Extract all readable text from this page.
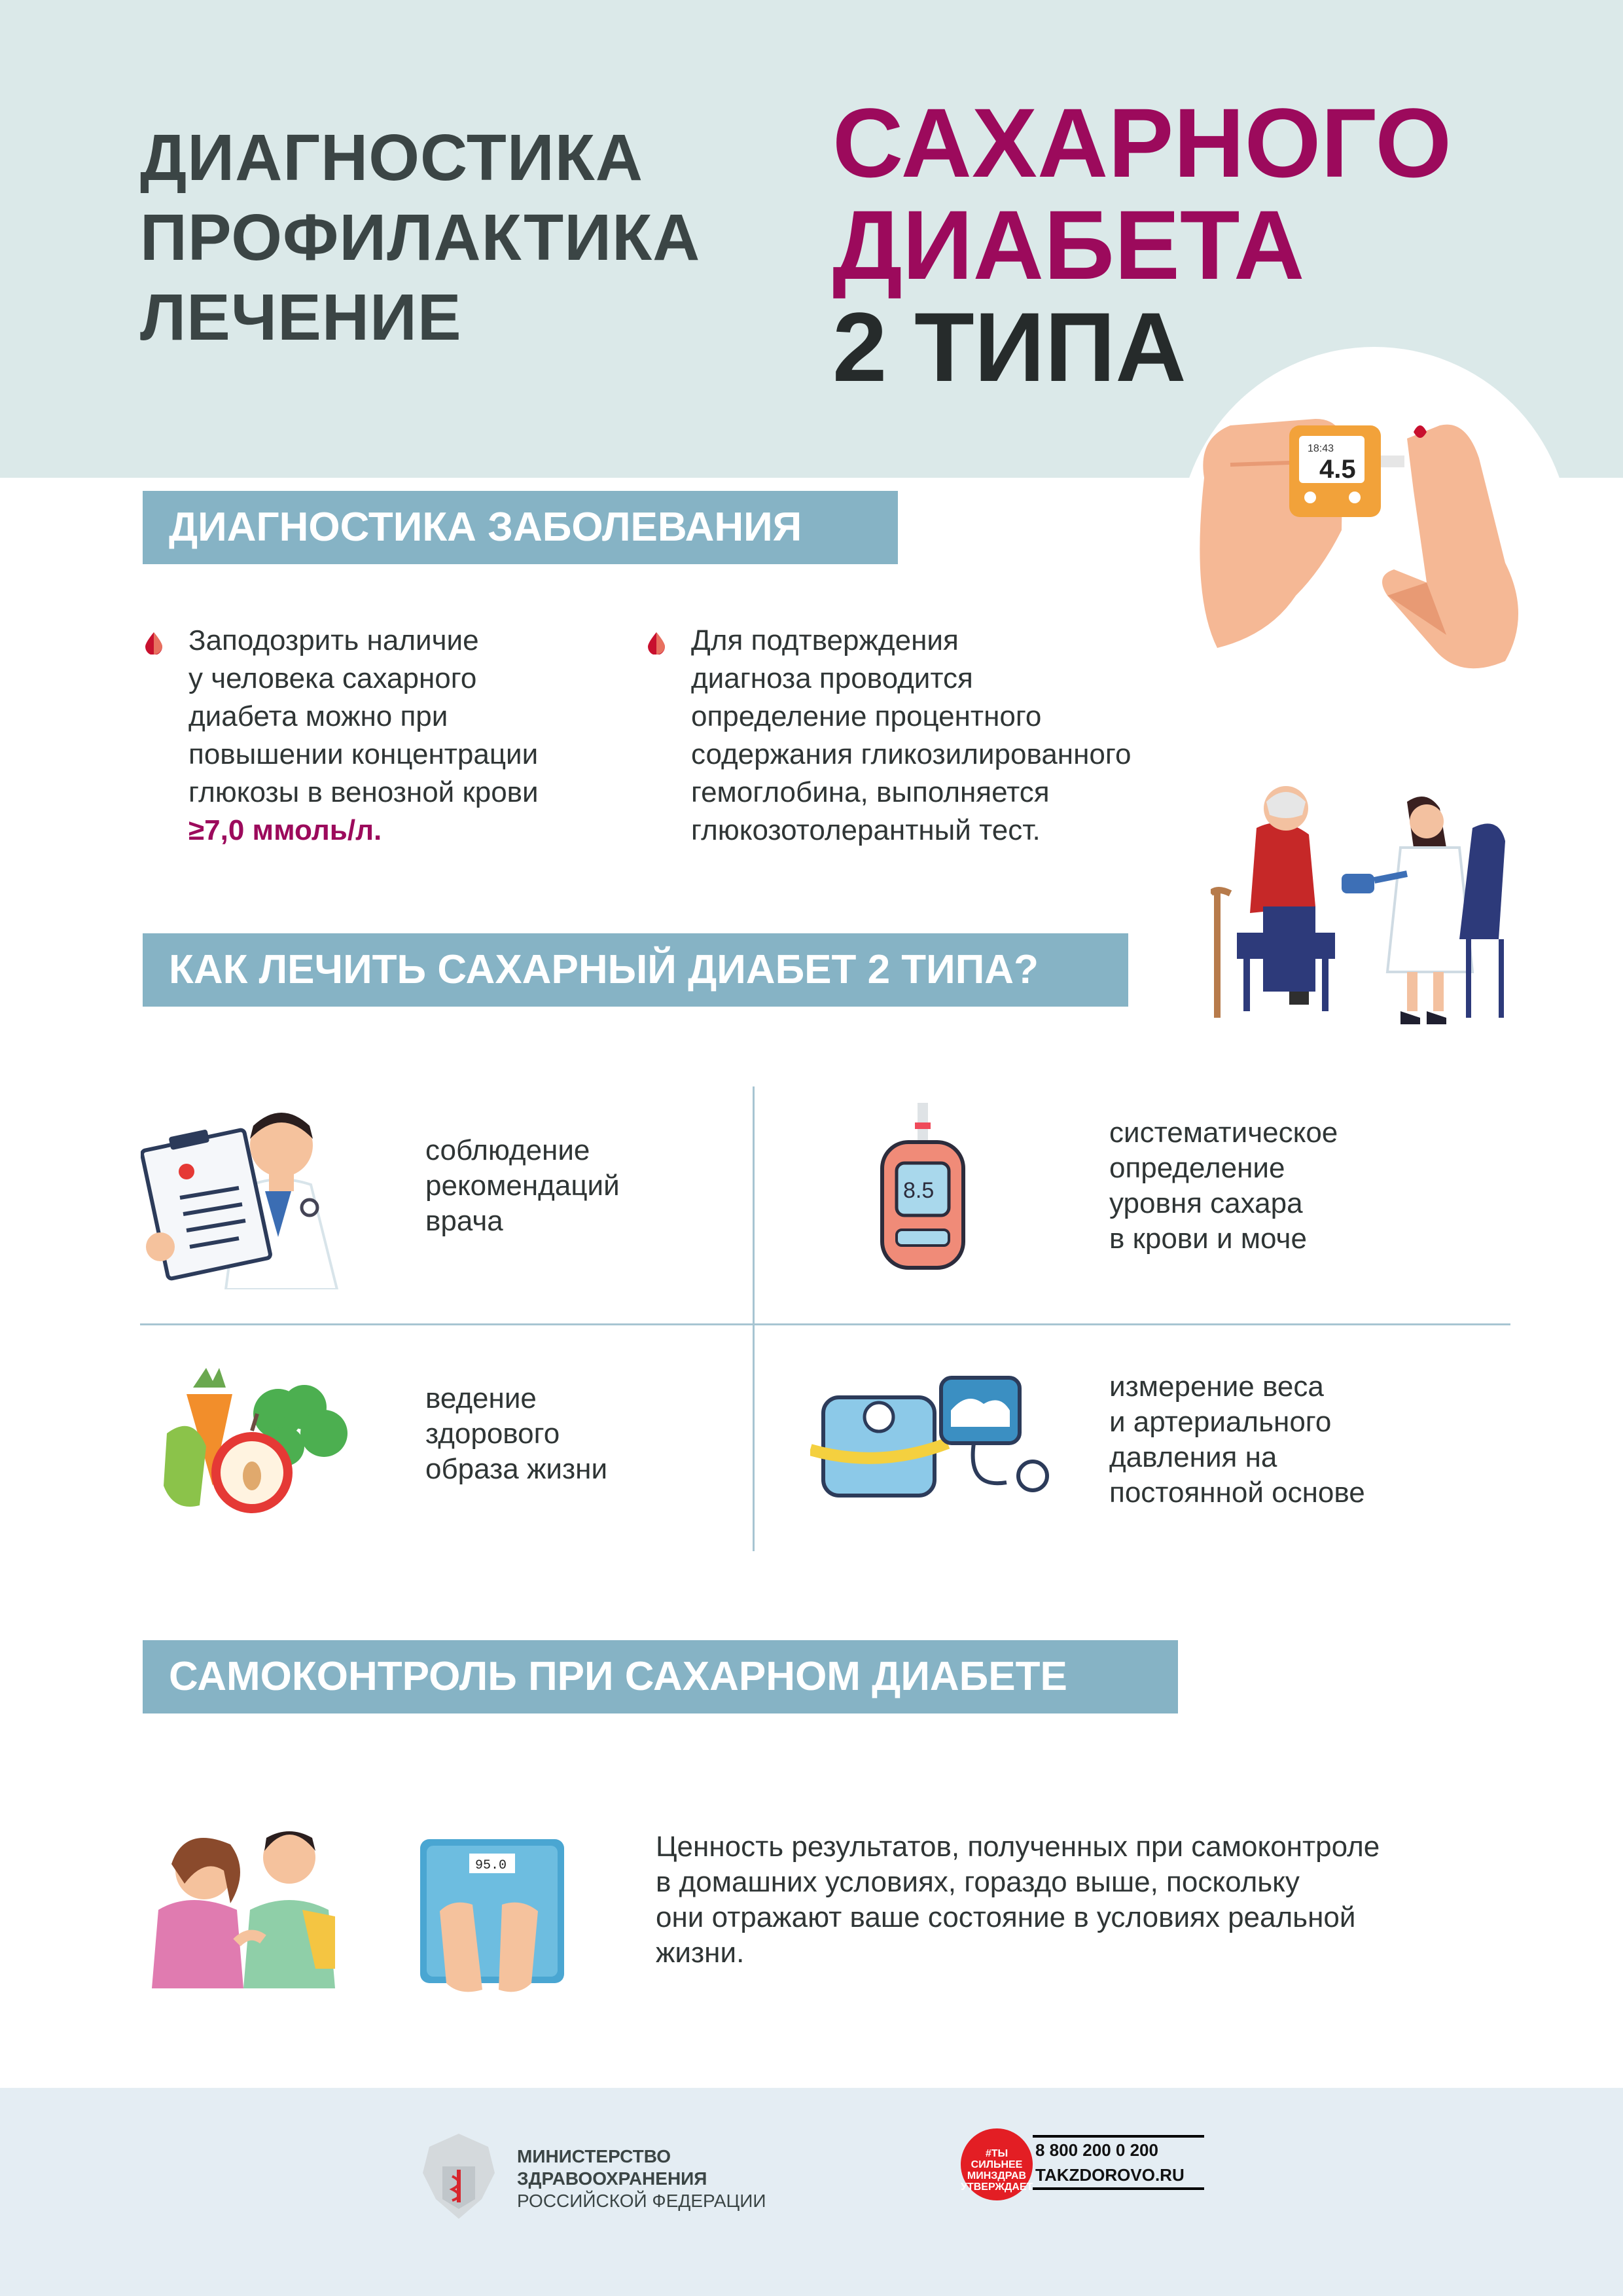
ДИАГНОСТИКА
ПРОФИЛАКТИКА
ЛЕЧЕНИЕ
САХАРНОГО
ДИАБЕТА
2 ТИПА
18:43
4.5
ДИАГНОСТИКА ЗАБОЛЕВАНИЯ
Заподозрить наличие
у человека сахарного
диабета можно при
повышении концентрации
глюкозы в венозной крови
≥7,0 ммоль/л.
Для подтверждения
диагноза проводится
определение процентного
содержания гликозилированного
гемоглобина, выполняется
глюкозотолерантный тест.
КАК ЛЕЧИТЬ САХАРНЫЙ ДИАБЕТ 2 ТИПА?
соблюдение
рекомендаций
врача
8.5
систематическое
определение
уровня сахара
в крови и моче
ведение
здорового
образа жизни
измерение веса
и артериального
давления на
постоянной основе
САМОКОНТРОЛЬ ПРИ САХАРНОМ ДИАБЕТЕ
95.0
Ценность результатов, полученных при самоконтроле
в домашних условиях, гораздо выше, поскольку
они отражают ваше состояние в условиях реальной
жизни.
МИНИСТЕРСТВО
ЗДРАВООХРАНЕНИЯ
РОССИЙСКОЙ ФЕДЕРАЦИИ
#ТЫ
СИЛЬНЕЕ
МИНЗДРАВ
УТВЕРЖДАЕТ
8 800 200 0 200
TAKZDOROVO.RU
